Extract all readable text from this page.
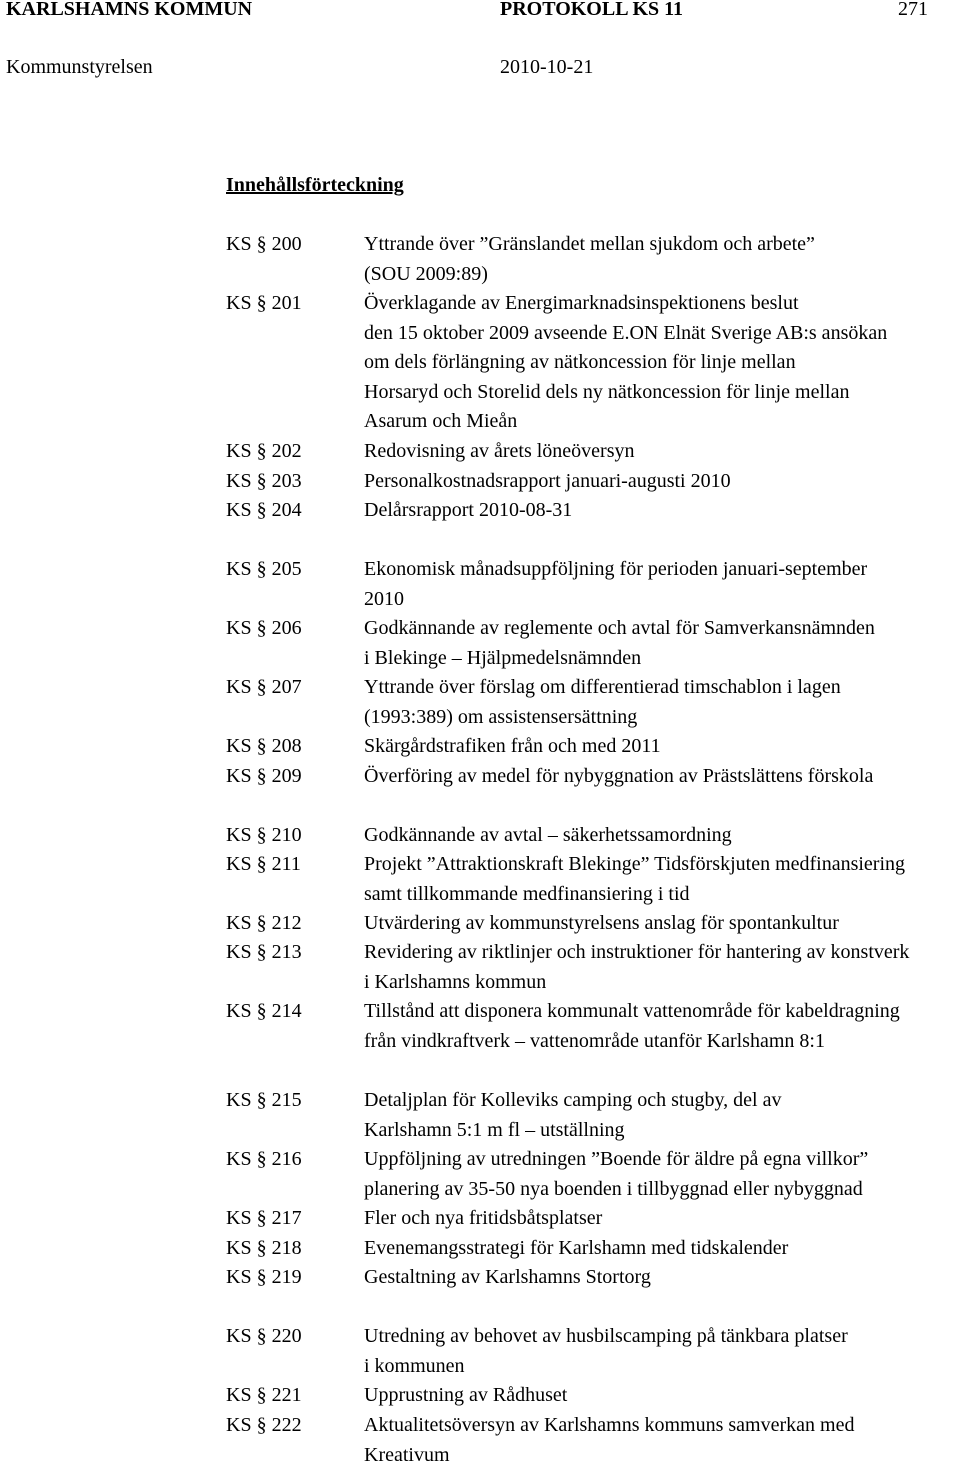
KARLSHAMNS KOMMUN	PROTOKOLL KS 11	271
Kommunstyrelsen	2010-10-21
Innehållsförteckning
KS § 200	Yttrande över ”Gränslandet mellan sjukdom och arbete”
(SOU 2009:89)
KS § 201	Överklagande av Energimarknadsinspektionens beslut
den 15 oktober 2009 avseende E.ON Elnät Sverige AB:s ansökan
om dels förlängning av nätkoncession för linje mellan
Horsaryd och Storelid dels ny nätkoncession för linje mellan
Asarum och Mieån
KS § 202	Redovisning av årets löneöversyn
KS § 203	Personalkostnadsrapport januari-augusti 2010
KS § 204	Delårsrapport 2010-08-31
KS § 205	Ekonomisk månadsuppföljning för perioden januari-september
2010
KS § 206	Godkännande av reglemente och avtal för Samverkansnämnden
i Blekinge – Hjälpmedelsnämnden
KS § 207	Yttrande över förslag om differentierad timschablon i lagen
(1993:389) om assistensersättning
KS § 208	Skärgårdstrafiken från och med 2011
KS § 209	Överföring av medel för nybyggnation av Prästslättens förskola
KS § 210	Godkännande av avtal – säkerhetssamordning
KS § 211	Projekt ”Attraktionskraft Blekinge” Tidsförskjuten medfinansiering
samt tillkommande medfinansiering i tid
KS § 212	Utvärdering av kommunstyrelsens anslag för spontankultur
KS § 213	Revidering av riktlinjer och instruktioner för hantering av konstverk
i Karlshamns kommun
KS § 214	Tillstånd att disponera kommunalt vattenområde för kabeldragning
från vindkraftverk – vattenområde utanför Karlshamn 8:1
KS § 215	Detaljplan för Kolleviks camping och stugby, del av
Karlshamn 5:1 m fl – utställning
KS § 216	Uppföljning av utredningen ”Boende för äldre på egna villkor”
planering av 35-50 nya boenden i tillbyggnad eller nybyggnad
KS § 217	Fler och nya fritidsbåtsplatser
KS § 218	Evenemangsstrategi för Karlshamn med tidskalender
KS § 219	Gestaltning av Karlshamns Stortorg
KS § 220	Utredning av behovet av husbilscamping på tänkbara platser
i kommunen
KS § 221	Upprustning av Rådhuset
KS § 222	Aktualitetsöversyn av Karlshamns kommuns samverkan med
Kreativum
